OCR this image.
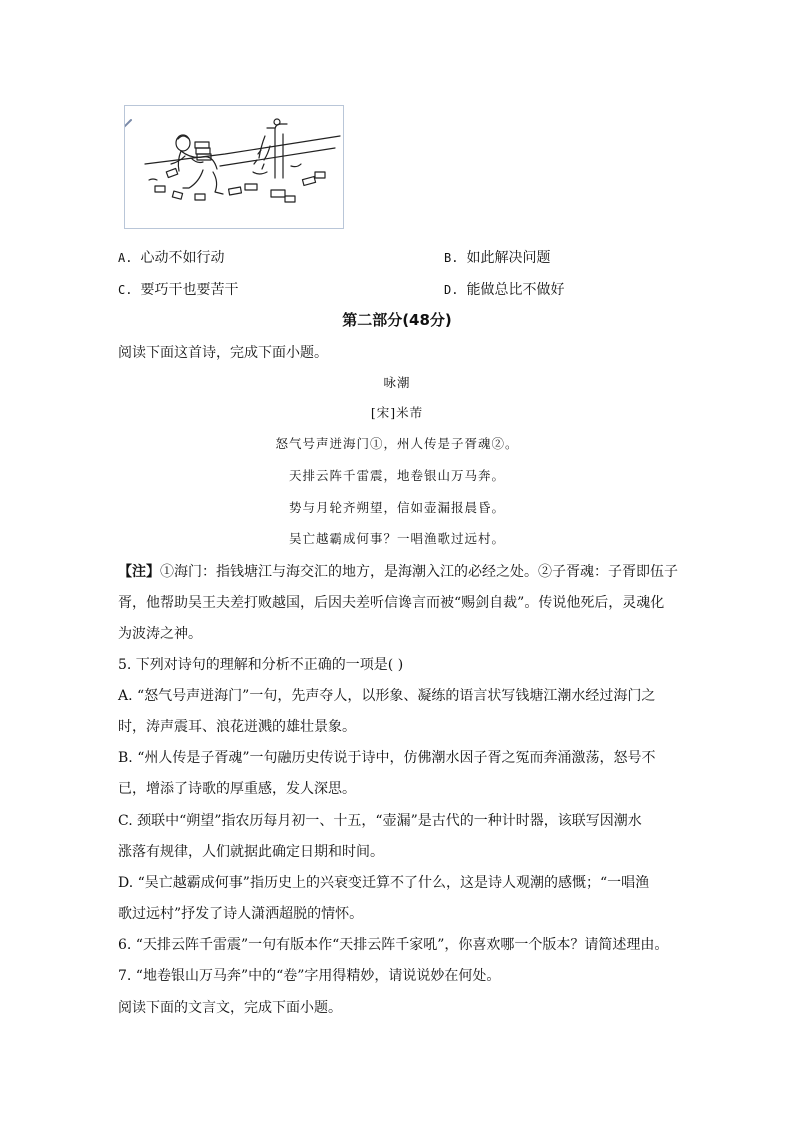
A. 心动不如行动	B. 如此解决问题
C. 要巧干也要苦干	D. 能做总比不做好
第二部分(48分)
阅读下面这首诗，完成下面小题。
咏潮
[宋]米芾
怒气号声迸海门①，州人传是子胥魂②。
天排云阵千雷震，地卷银山万马奔。
势与月轮齐朔望，信如壶漏报晨昏。
吴亡越霸成何事？一唱渔歌过远村。
【注】①海门：指钱塘江与海交汇的地方，是海潮入江的必经之处。②子胥魂：子胥即伍子
胥，他帮助吴王夫差打败越国，后因夫差听信谗言而被“赐剑自裁”。传说他死后，灵魂化
为波涛之神。
5. 下列对诗句的理解和分析不正确的一项是( )
A. “怒气号声迸海门”一句，先声夺人，以形象、凝练的语言状写钱塘江潮水经过海门之
时，涛声震耳、浪花迸溅的雄壮景象。
B. “州人传是子胥魂”一句融历史传说于诗中，仿佛潮水因子胥之冤而奔涌激荡，怒号不
已，增添了诗歌的厚重感，发人深思。
C. 颈联中“朔望”指农历每月初一、十五，“壶漏”是古代的一种计时器，该联写因潮水
涨落有规律，人们就据此确定日期和时间。
D. “吴亡越霸成何事”指历史上的兴衰变迁算不了什么，这是诗人观潮的感慨；“一唱渔
歌过远村”抒发了诗人潇洒超脱的情怀。
6. “天排云阵千雷震”一句有版本作“天排云阵千家吼”，你喜欢哪一个版本？请简述理由。
7. “地卷银山万马奔”中的“卷”字用得精妙，请说说妙在何处。
阅读下面的文言文，完成下面小题。
